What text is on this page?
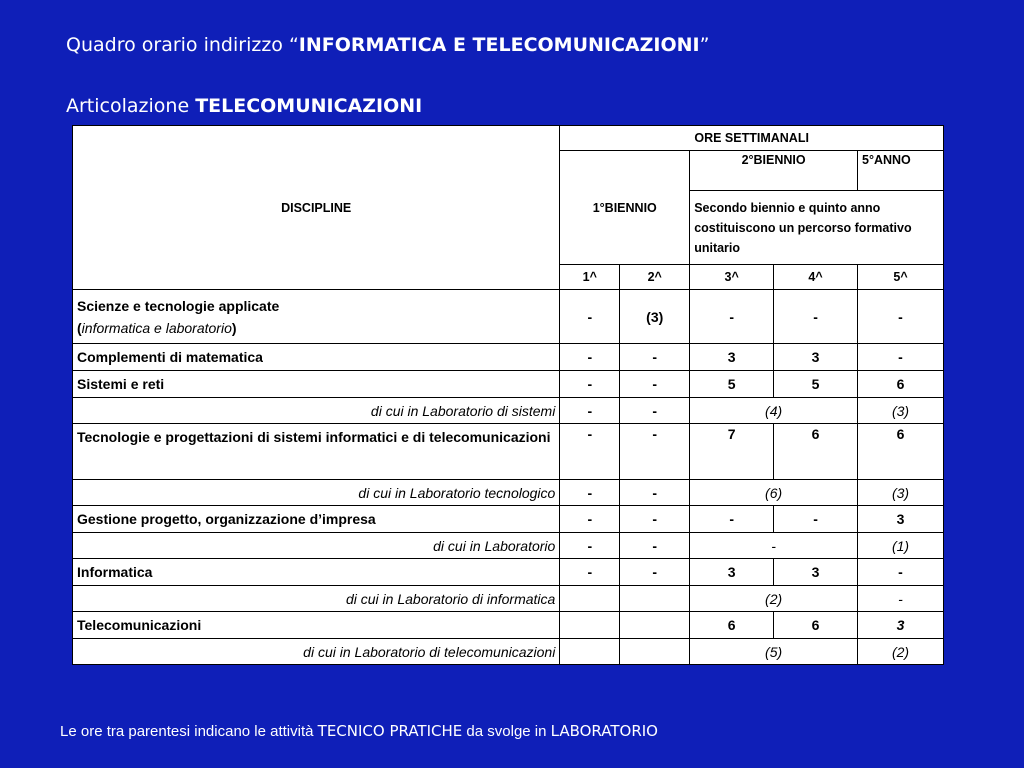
Quadro orario indirizzo “INFORMATICA E TELECOMUNICAZIONI”
Articolazione TELECOMUNICAZIONI
DISCIPLINE	ORE SETTIMANALI				
	1°BIENNIO		2°BIENNIO		5°ANNO
			Secondo biennio e quinto anno costituiscono un percorso formativo unitario		
	1^	2^	3^	4^	5^
Scienze e tecnologie applicate
(informatica e laboratorio)	-	(3)	-	-	-
Complementi di matematica	-	-	3	3	-
Sistemi e reti	-	-	5	5	6
di cui in Laboratorio di sistemi	-	-	(4)		(3)
Tecnologie e progettazioni di sistemi informatici e di telecomunicazioni	-	-	7	6	6
di cui in Laboratorio tecnologico	-	-	(6)		(3)
Gestione progetto, organizzazione d’impresa	-	-	-	-	3
di cui in Laboratorio	-	-	-		(1)
Informatica	-	-	3	3	-
di cui in Laboratorio di informatica			(2)		-
Telecomunicazioni			6	6	3
di cui in Laboratorio di telecomunicazioni			(5)		(2)
Le ore tra parentesi indicano le attività TECNICO PRATICHE da svolge in LABORATORIO
